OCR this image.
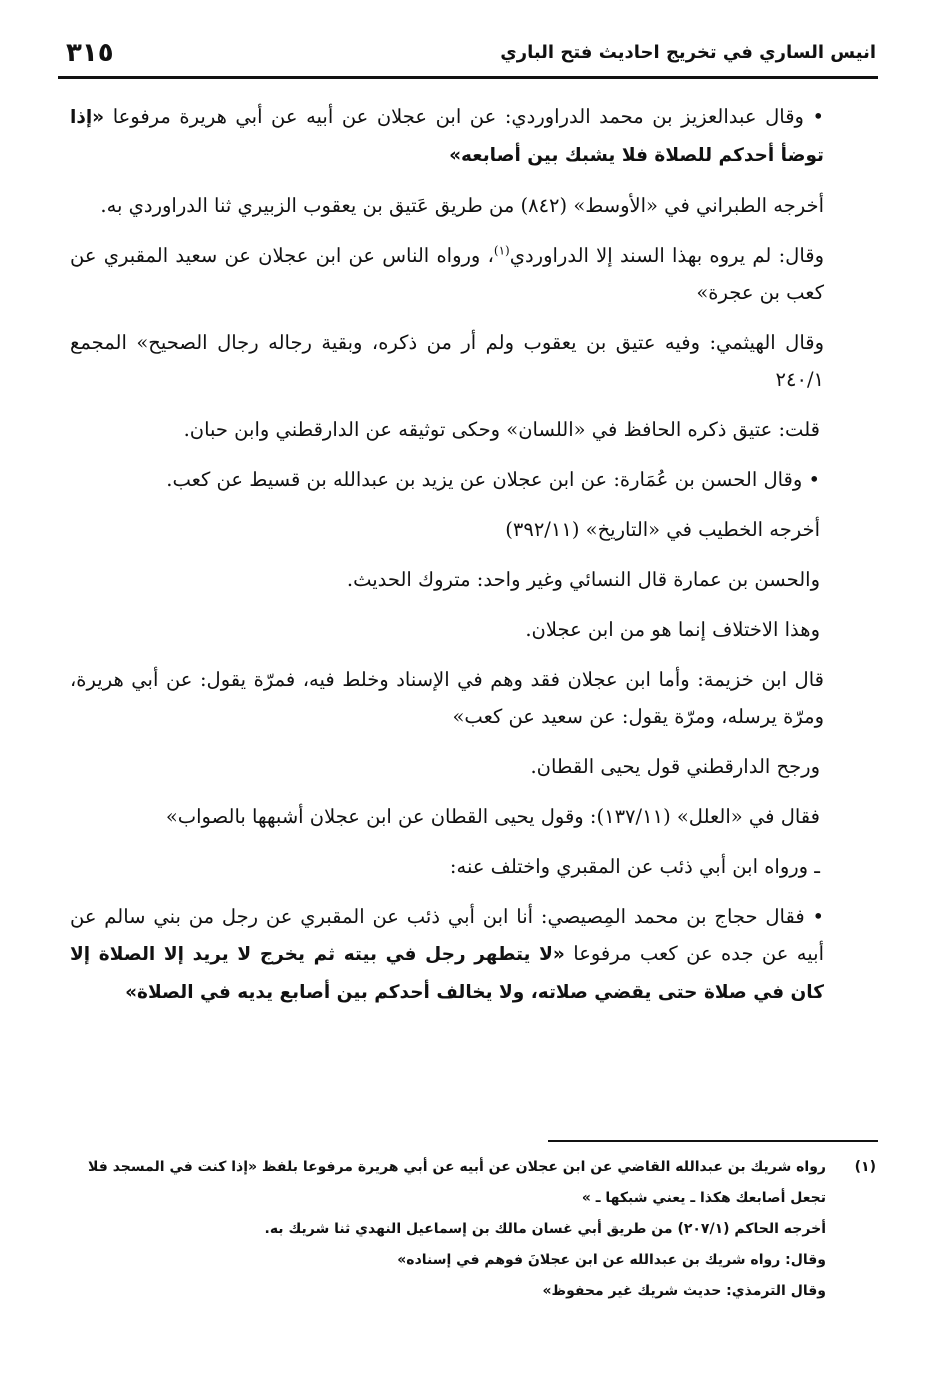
٣١٥	انيس الساري في تخريج احاديث فتح الباري

• وقال عبدالعزيز بن محمد الدراوردي: عن ابن عجلان عن أبيه عن أبي هريرة مرفوعا «إذا توضأ أحدكم للصلاة فلا يشبك بين أصابعه»

أخرجه الطبراني في «الأوسط» (٨٤٢) من طريق عَتيق بن يعقوب الزبيري ثنا الدراوردي به.

وقال: لم يروه بهذا السند إلا الدراوردي$^{(١)}$، ورواه الناس عن ابن عجلان عن سعيد المقبري عن كعب بن عجرة»

وقال الهيثمي: وفيه عتيق بن يعقوب ولم أر من ذكره، وبقية رجاله رجال الصحيح» المجمع ٢٤٠/١

قلت: عتيق ذكره الحافظ في «اللسان» وحكى توثيقه عن الدارقطني وابن حبان.

• وقال الحسن بن عُمَارة: عن ابن عجلان عن يزيد بن عبدالله بن قسيط عن كعب.

أخرجه الخطيب في «التاريخ» (٣٩٢/١١)

والحسن بن عمارة قال النسائي وغير واحد: متروك الحديث.

وهذا الاختلاف إنما هو من ابن عجلان.

قال ابن خزيمة: وأما ابن عجلان فقد وهم في الإسناد وخلط فيه، فمرّة يقول: عن أبي هريرة، ومرّة يرسله، ومرّة يقول: عن سعيد عن كعب»

ورجح الدارقطني قول يحيى القطان.

فقال في «العلل» (١٣٧/١١): وقول يحيى القطان عن ابن عجلان أشبهها بالصواب»

ـ ورواه ابن أبي ذئب عن المقبري واختلف عنه:

• فقال حجاج بن محمد المِصيصي: أنا ابن أبي ذئب عن المقبري عن رجل من بني سالم عن أبيه عن جده عن كعب مرفوعا «لا يتطهر رجل في بيته ثم يخرج لا يريد إلا الصلاة إلا كان في صلاة حتى يقضي صلاته، ولا يخالف أحدكم بين أصابع يديه في الصلاة»

(١)
رواه شريك بن عبدالله القاضي عن ابن عجلان عن أبيه عن أبي هريرة مرفوعا بلفظ «إذا كنت في المسجد فلا تجعل أصابعك هكذا ـ يعني شبكها ـ »
أخرجه الحاكم (٢٠٧/١) من طريق أبي غسان مالك بن إسماعيل النهدي ثنا شريك به.
وقال: رواه شريك بن عبدالله عن ابن عجلانَ فوهم في إسناده»
وقال الترمذي: حديث شريك غير محفوظ»
